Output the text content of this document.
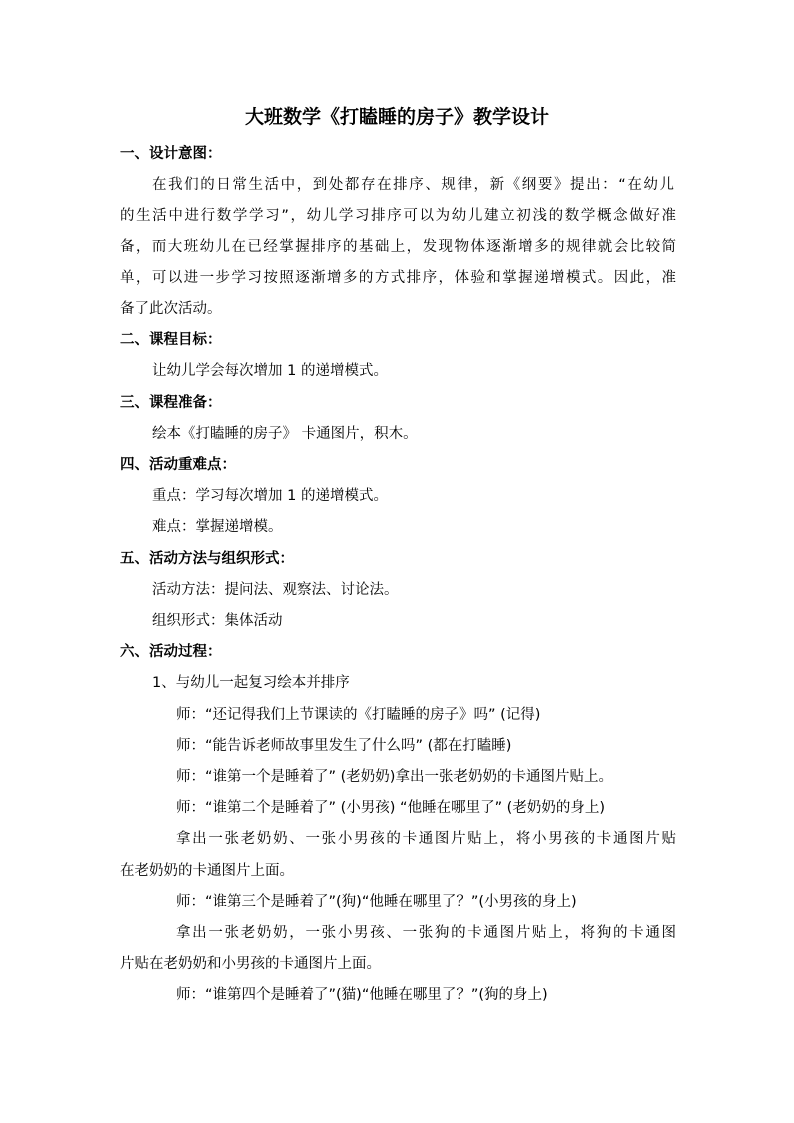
大班数学《打瞌睡的房子》教学设计
一、设计意图：
在我们的日常生活中，到处都存在排序、规律，新《纲要》提出：“在幼儿
的生活中进行数学学习”，幼儿学习排序可以为幼儿建立初浅的数学概念做好准
备，而大班幼儿在已经掌握排序的基础上，发现物体逐渐增多的规律就会比较简
单，可以进一步学习按照逐渐增多的方式排序，体验和掌握递增模式。因此，准
备了此次活动。
二、课程目标：
让幼儿学会每次增加 1 的递增模式。
三、课程准备：
绘本《打瞌睡的房子》 卡通图片，积木。
四、活动重难点：
重点：学习每次增加 1 的递增模式。
难点：掌握递增模。
五、活动方法与组织形式：
活动方法：提问法、观察法、讨论法。
组织形式：集体活动
六、活动过程：
1、与幼儿一起复习绘本并排序
师：“还记得我们上节课读的《打瞌睡的房子》吗” (记得)
师：“能告诉老师故事里发生了什么吗” (都在打瞌睡)
师：“谁第一个是睡着了” (老奶奶)拿出一张老奶奶的卡通图片贴上。
师：“谁第二个是睡着了” (小男孩) “他睡在哪里了” (老奶奶的身上)
拿出一张老奶奶、一张小男孩的卡通图片贴上，将小男孩的卡通图片贴
在老奶奶的卡通图片上面。
师：“谁第三个是睡着了”(狗)“他睡在哪里了？”(小男孩的身上)
拿出一张老奶奶，一张小男孩、一张狗的卡通图片贴上，将狗的卡通图
片贴在老奶奶和小男孩的卡通图片上面。
师：“谁第四个是睡着了”(猫)“他睡在哪里了？”(狗的身上)
